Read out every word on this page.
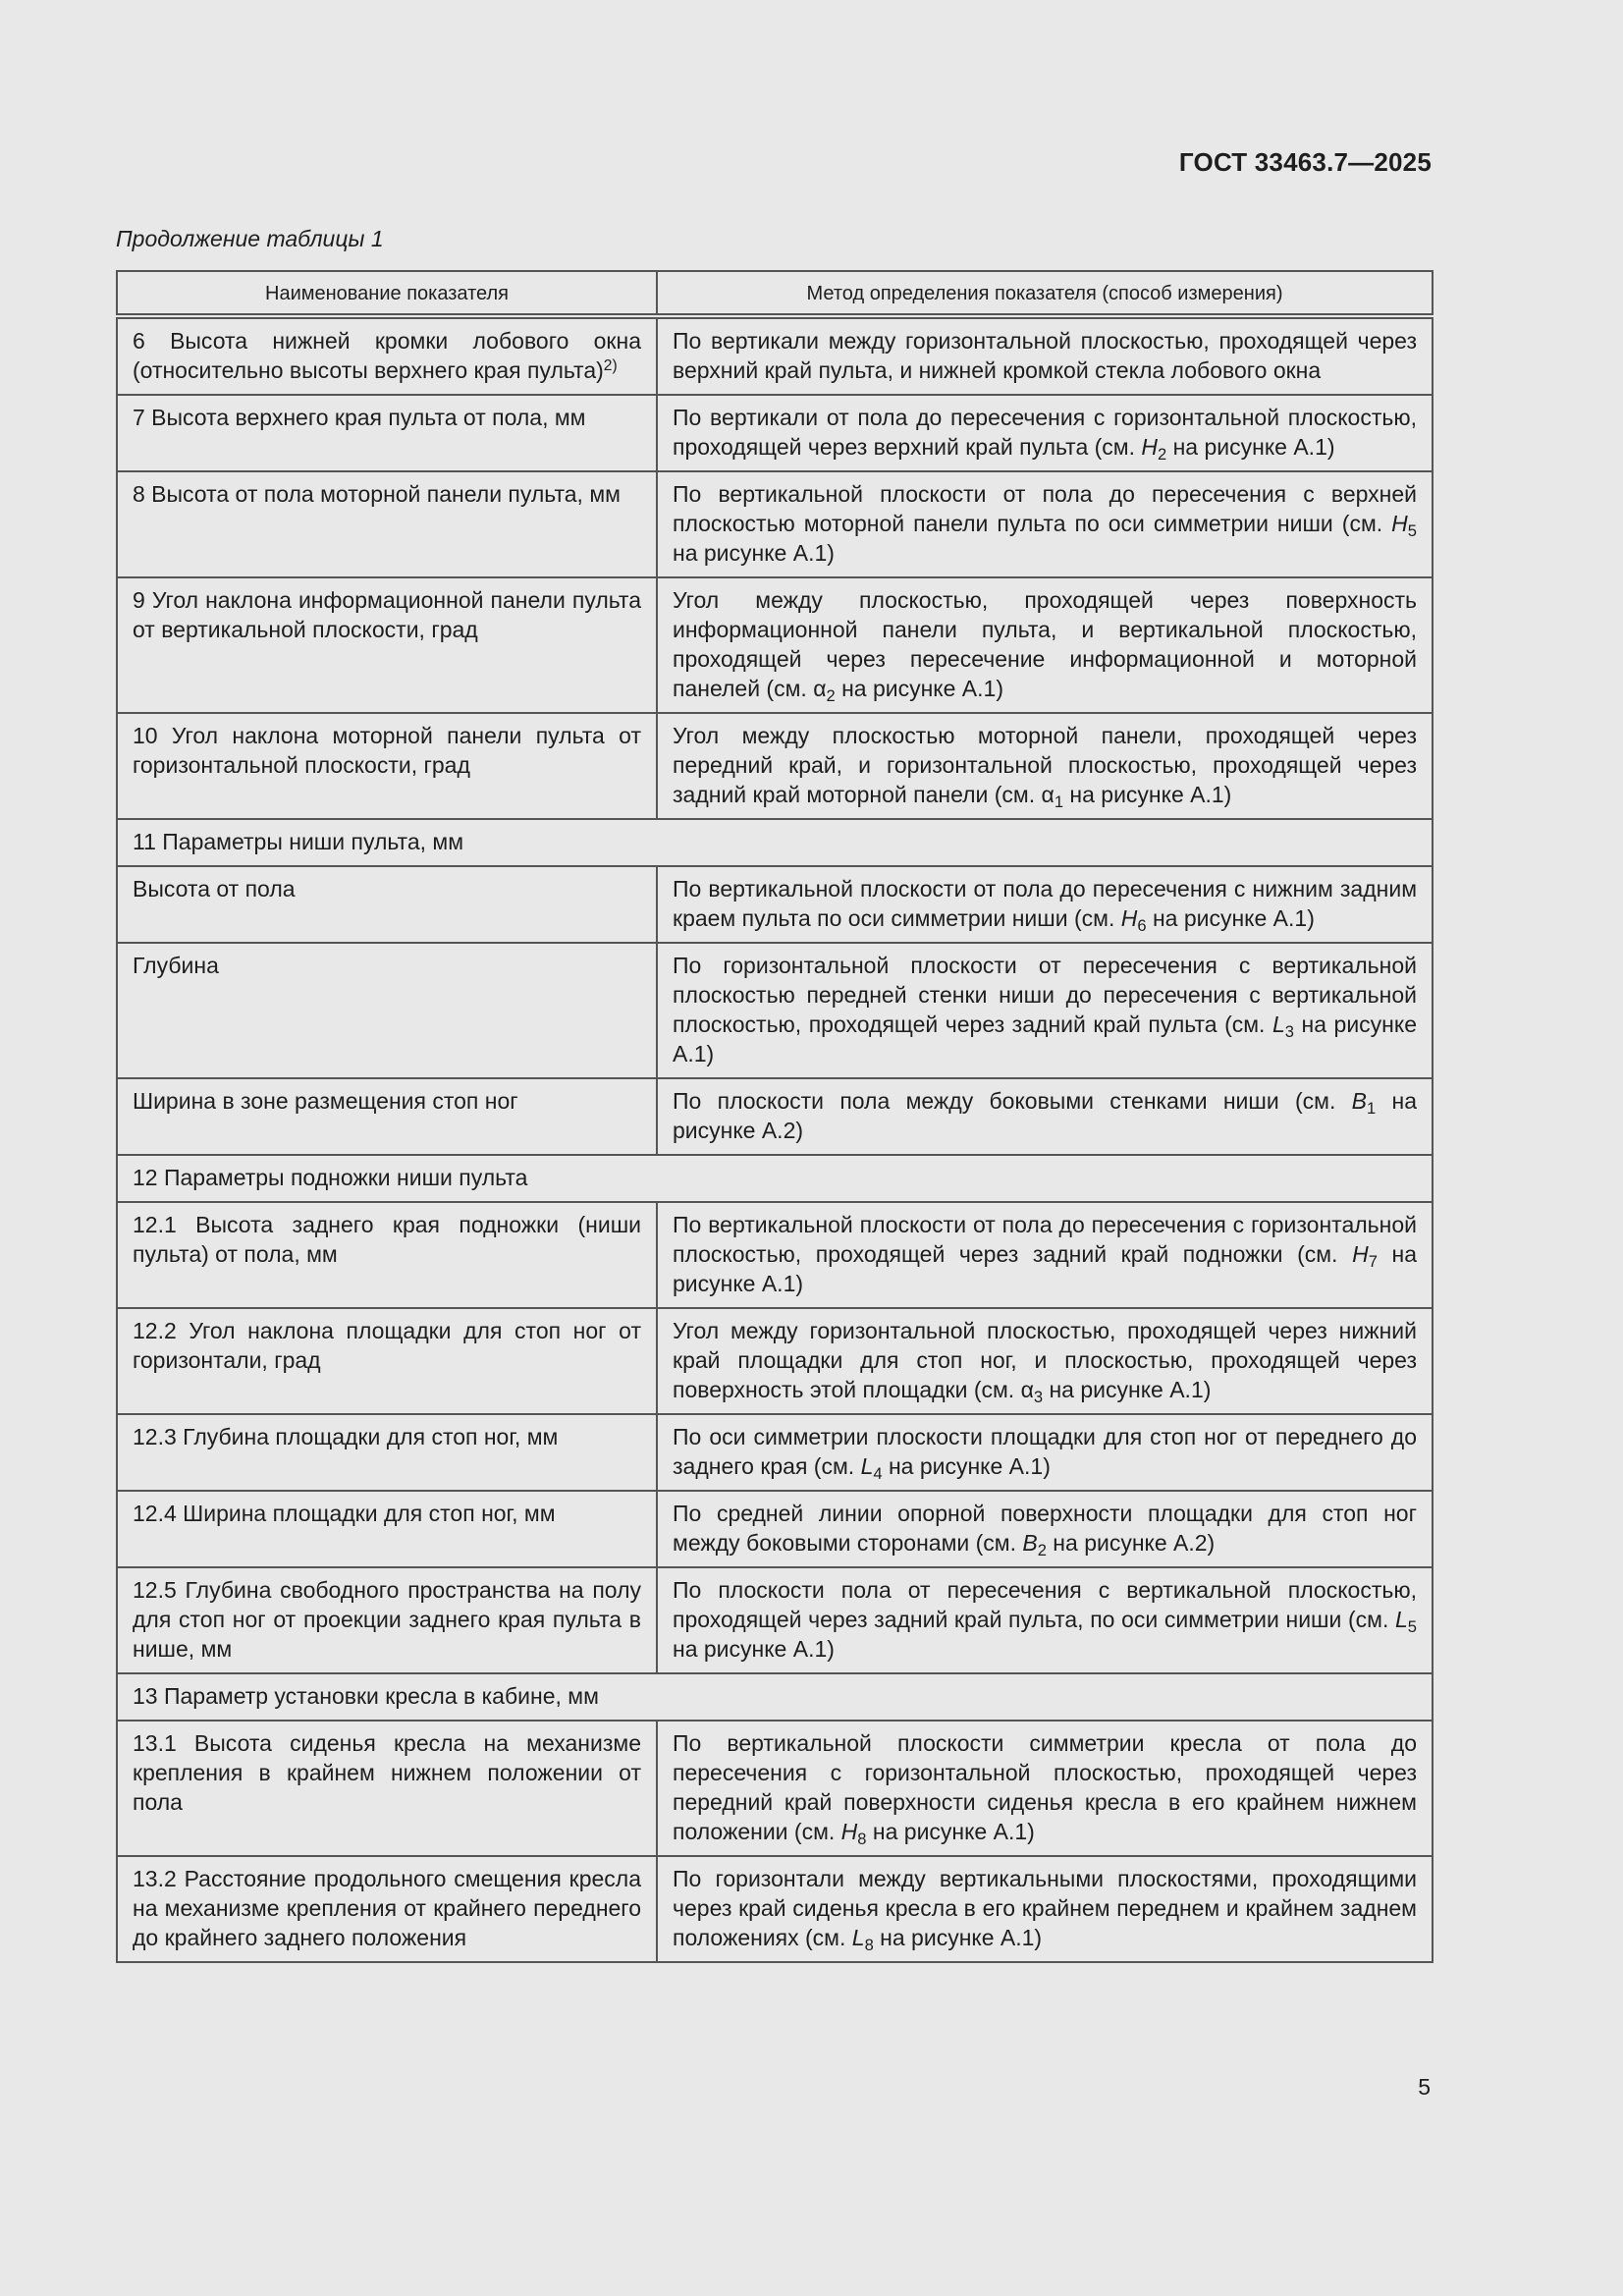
ГОСТ 33463.7—2025
Продолжение таблицы 1
Наименование показателя	Метод определения показателя (способ измерения)
6 Высота нижней кромки лобового окна (относительно высоты верхнего края пульта)$^{2)}$	По вертикали между горизонтальной плоскостью, проходящей через верхний край пульта, и нижней кромкой стекла лобового окна
7 Высота верхнего края пульта от пола, мм	По вертикали от пола до пересечения с горизонтальной плоскостью, проходящей через верхний край пульта (см. $H_2$ на рисунке А.1)
8 Высота от пола моторной панели пульта, мм	По вертикальной плоскости от пола до пересечения с верхней плоскостью моторной панели пульта по оси симметрии ниши (см. $H_5$ на рисунке А.1)
9 Угол наклона информационной панели пульта от вертикальной плоскости, град	Угол между плоскостью, проходящей через поверхность информационной панели пульта, и вертикальной плоскостью, проходящей через пересечение информационной и моторной панелей (см. $\alpha_2$ на рисунке А.1)
10 Угол наклона моторной панели пульта от горизонтальной плоскости, град	Угол между плоскостью моторной панели, проходящей через передний край, и горизонтальной плоскостью, проходящей через задний край моторной панели (см. $\alpha_1$ на рисунке А.1)
11 Параметры ниши пульта, мм	
Высота от пола	По вертикальной плоскости от пола до пересечения с нижним задним краем пульта по оси симметрии ниши (см. $H_6$ на рисунке А.1)
Глубина	По горизонтальной плоскости от пересечения с вертикальной плоскостью передней стенки ниши до пересечения с вертикальной плоскостью, проходящей через задний край пульта (см. $L_3$ на рисунке А.1)
Ширина в зоне размещения стоп ног	По плоскости пола между боковыми стенками ниши (см. $B_1$ на рисунке А.2)
12 Параметры подножки ниши пульта	
12.1 Высота заднего края подножки (ниши пульта) от пола, мм	По вертикальной плоскости от пола до пересечения с горизонтальной плоскостью, проходящей через задний край подножки (см. $H_7$ на рисунке А.1)
12.2 Угол наклона площадки для стоп ног от горизонтали, град	Угол между горизонтальной плоскостью, проходящей через нижний край площадки для стоп ног, и плоскостью, проходящей через поверхность этой площадки (см. $\alpha_3$ на рисунке А.1)
12.3 Глубина площадки для стоп ног, мм	По оси симметрии плоскости площадки для стоп ног от переднего до заднего края (см. $L_4$ на рисунке А.1)
12.4 Ширина площадки для стоп ног, мм	По средней линии опорной поверхности площадки для стоп ног между боковыми сторонами (см. $B_2$ на рисунке А.2)
12.5 Глубина свободного пространства на полу для стоп ног от проекции заднего края пульта в нише, мм	По плоскости пола от пересечения с вертикальной плоскостью, проходящей через задний край пульта, по оси симметрии ниши (см. $L_5$ на рисунке А.1)
13 Параметр установки кресла в кабине, мм	
13.1 Высота сиденья кресла на механизме крепления в крайнем нижнем положении от пола	По вертикальной плоскости симметрии кресла от пола до пересечения с горизонтальной плоскостью, проходящей через передний край поверхности сиденья кресла в его крайнем нижнем положении (см. $H_8$ на рисунке А.1)
13.2 Расстояние продольного смещения кресла на механизме крепления от крайнего переднего до крайнего заднего положения	По горизонтали между вертикальными плоскостями, проходящими через край сиденья кресла в его крайнем переднем и крайнем заднем положениях (см. $L_8$ на рисунке А.1)
5
